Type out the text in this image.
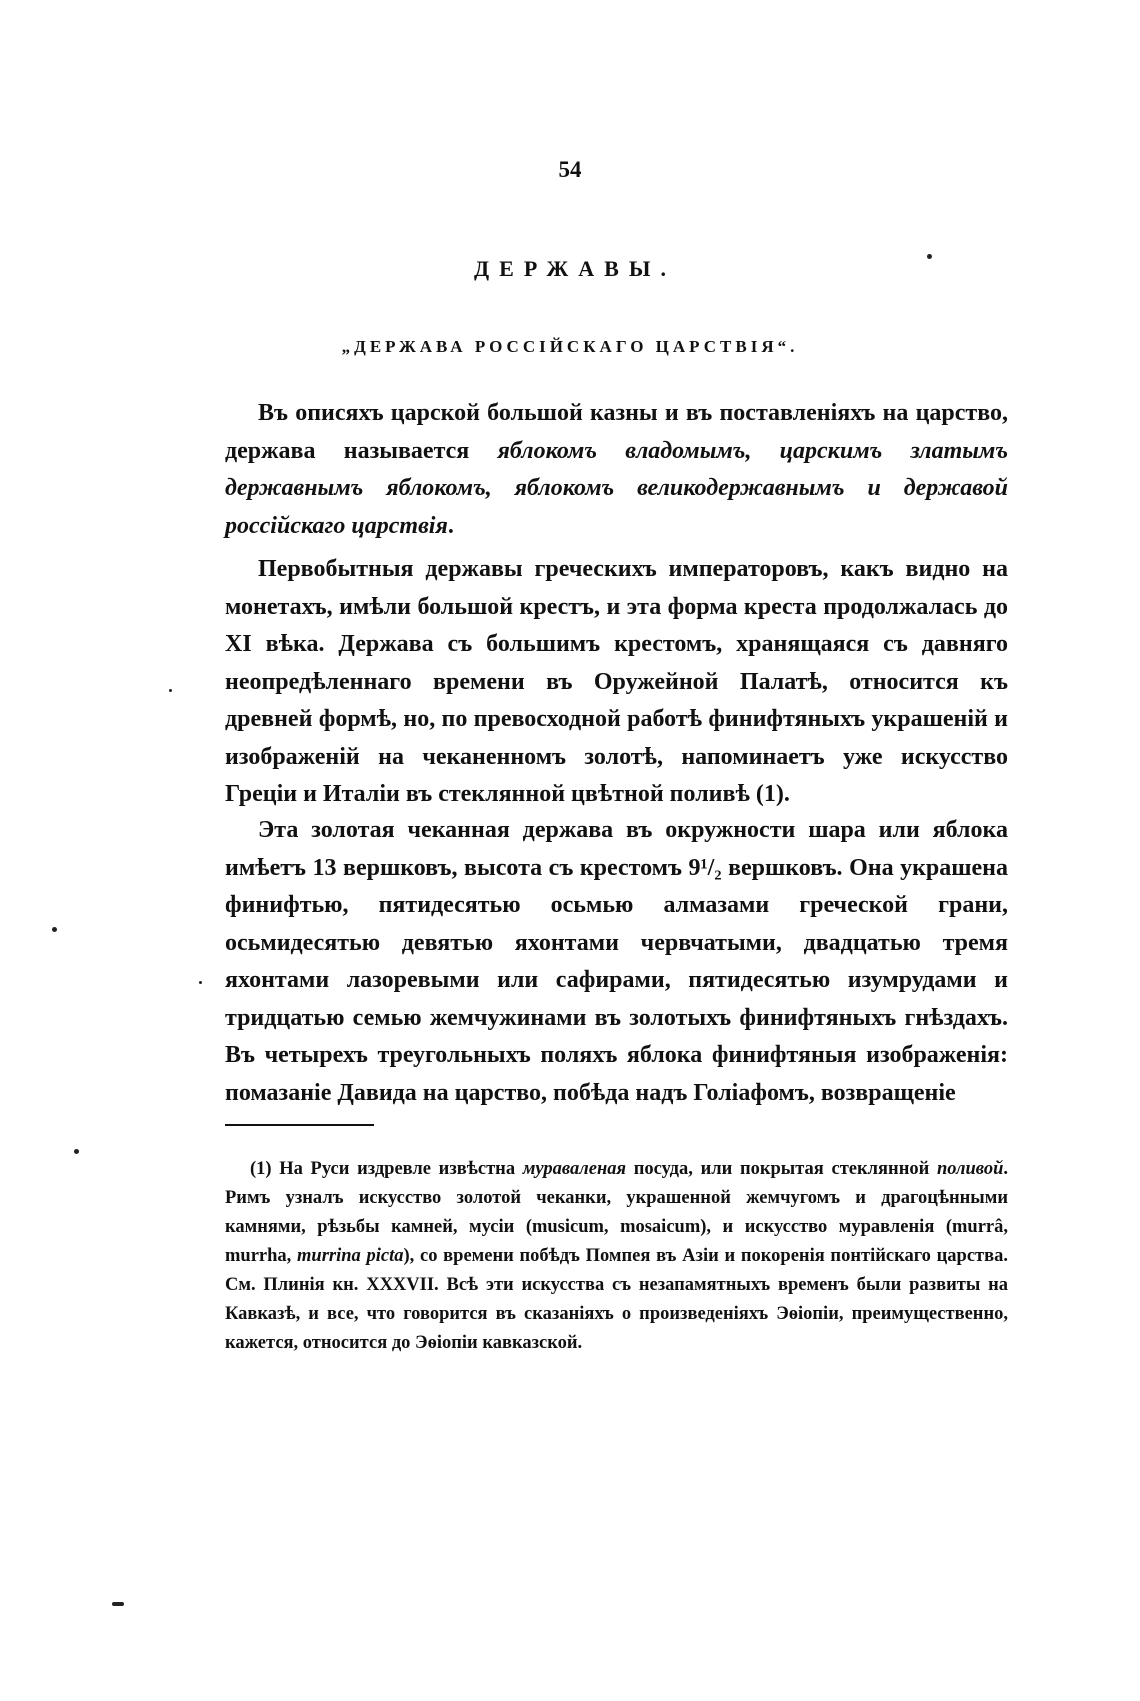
54
ДЕРЖАВЫ.
„ДЕРЖАВА РОССІЙСКАГО ЦАРСТВІЯ“.

Въ описяхъ царской большой казны и въ поставленіяхъ на царство, держава называется яблокомъ владомымъ, царскимъ златымъ державнымъ яблокомъ, яблокомъ великодержавнымъ и державой россійскаго царствія.

Первобытныя державы греческихъ императоровъ, какъ видно на монетахъ, имѣли большой крестъ, и эта форма креста продолжалась до XI вѣка. Держава съ большимъ крестомъ, хранящаяся съ давняго неопредѣленнаго времени въ Оружейной Палатѣ, относится къ древней формѣ, но, по превосходной работѣ финифтяныхъ украшеній и изображеній на чеканенномъ золотѣ, напоминаетъ уже искусство Греціи и Италіи въ стеклянной цвѣтной поливѣ (1).

Эта золотая чеканная держава въ окружности шара или яблока имѣетъ 13 вершковъ, высота съ крестомъ 9¹/₂ вершковъ. Она украшена финифтью, пятидесятью осьмью алмазами греческой грани, осьмидесятью девятью яхонтами червчатыми, двадцатью тремя яхонтами лазоревыми или сафирами, пятидесятью изумрудами и тридцатью семью жемчужинами въ золотыхъ финифтяныхъ гнѣздахъ. Въ четырехъ треугольныхъ поляхъ яблока финифтяныя изображенія: помазаніе Давида на царство, побѣда надъ Голіафомъ, возвращеніе

(1) На Руси издревле извѣстна мураваленая посуда, или покрытая стеклянной поливой. Римъ узналъ искусство золотой чеканки, украшенной жемчугомъ и драгоцѣнными камнями, рѣзьбы камней, мусіи (musicum, mosaicum), и искусство муравленія (murrâ, murrha, murrina picta), со времени побѣдъ Помпея въ Азіи и покоренія понтійскаго царства. См. Плинія кн. XXXVII. Всѣ эти искусства съ незапамятныхъ временъ были развиты на Кавказѣ, и все, что говорится въ сказаніяхъ о произведеніяхъ Эѳіопіи, преимущественно, кажется, относится до Эѳіопіи кавказской.
